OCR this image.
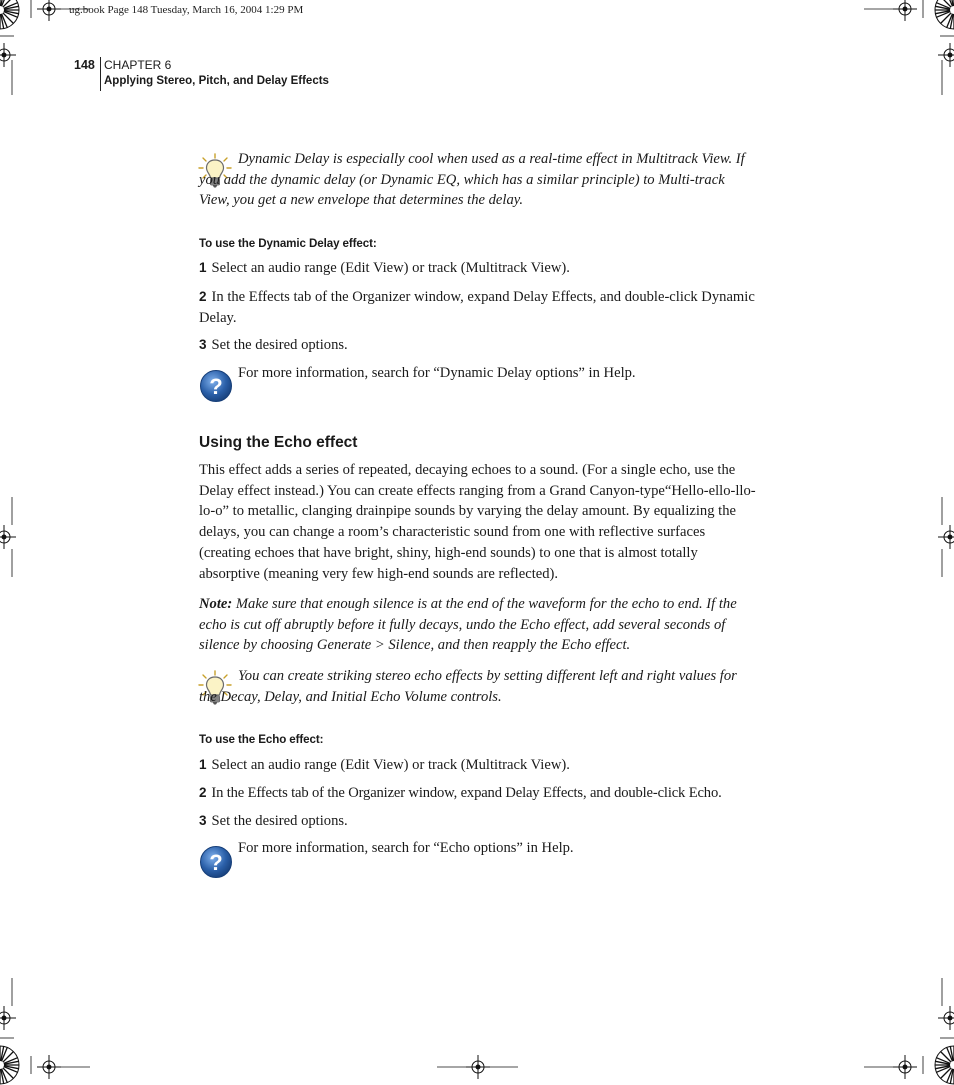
ug.book Page 148 Tuesday, March 16, 2004 1:29 PM
148 CHAPTER 6
Applying Stereo, Pitch, and Delay Effects

Dynamic Delay is especially cool when used as a real-time effect in Multitrack View. If you add the dynamic delay (or Dynamic EQ, which has a similar principle) to Multi-track View, you get a new envelope that determines the delay.

To use the Dynamic Delay effect:

1 Select an audio range (Edit View) or track (Multitrack View).

2 In the Effects tab of the Organizer window, expand Delay Effects, and double-click Dynamic Delay.

3 Set the desired options.

For more information, search for “Dynamic Delay options” in Help.
Using the Echo effect

This effect adds a series of repeated, decaying echoes to a sound. (For a single echo, use the Delay effect instead.) You can create effects ranging from a Grand Canyon-type“Hello-ello-llo-lo-o” to metallic, clanging drainpipe sounds by varying the delay amount. By equalizing the delays, you can change a room’s characteristic sound from one with reflective surfaces (creating echoes that have bright, shiny, high-end sounds) to one that is almost totally absorptive (meaning very few high-end sounds are reflected).

Note: Make sure that enough silence is at the end of the waveform for the echo to end. If the echo is cut off abruptly before it fully decays, undo the Echo effect, add several seconds of silence by choosing Generate > Silence, and then reapply the Echo effect.

You can create striking stereo echo effects by setting different left and right values for the Decay, Delay, and Initial Echo Volume controls.

To use the Echo effect:

1 Select an audio range (Edit View) or track (Multitrack View).

2 In the Effects tab of the Organizer window, expand Delay Effects, and double-click Echo.

3 Set the desired options.

For more information, search for “Echo options” in Help.
